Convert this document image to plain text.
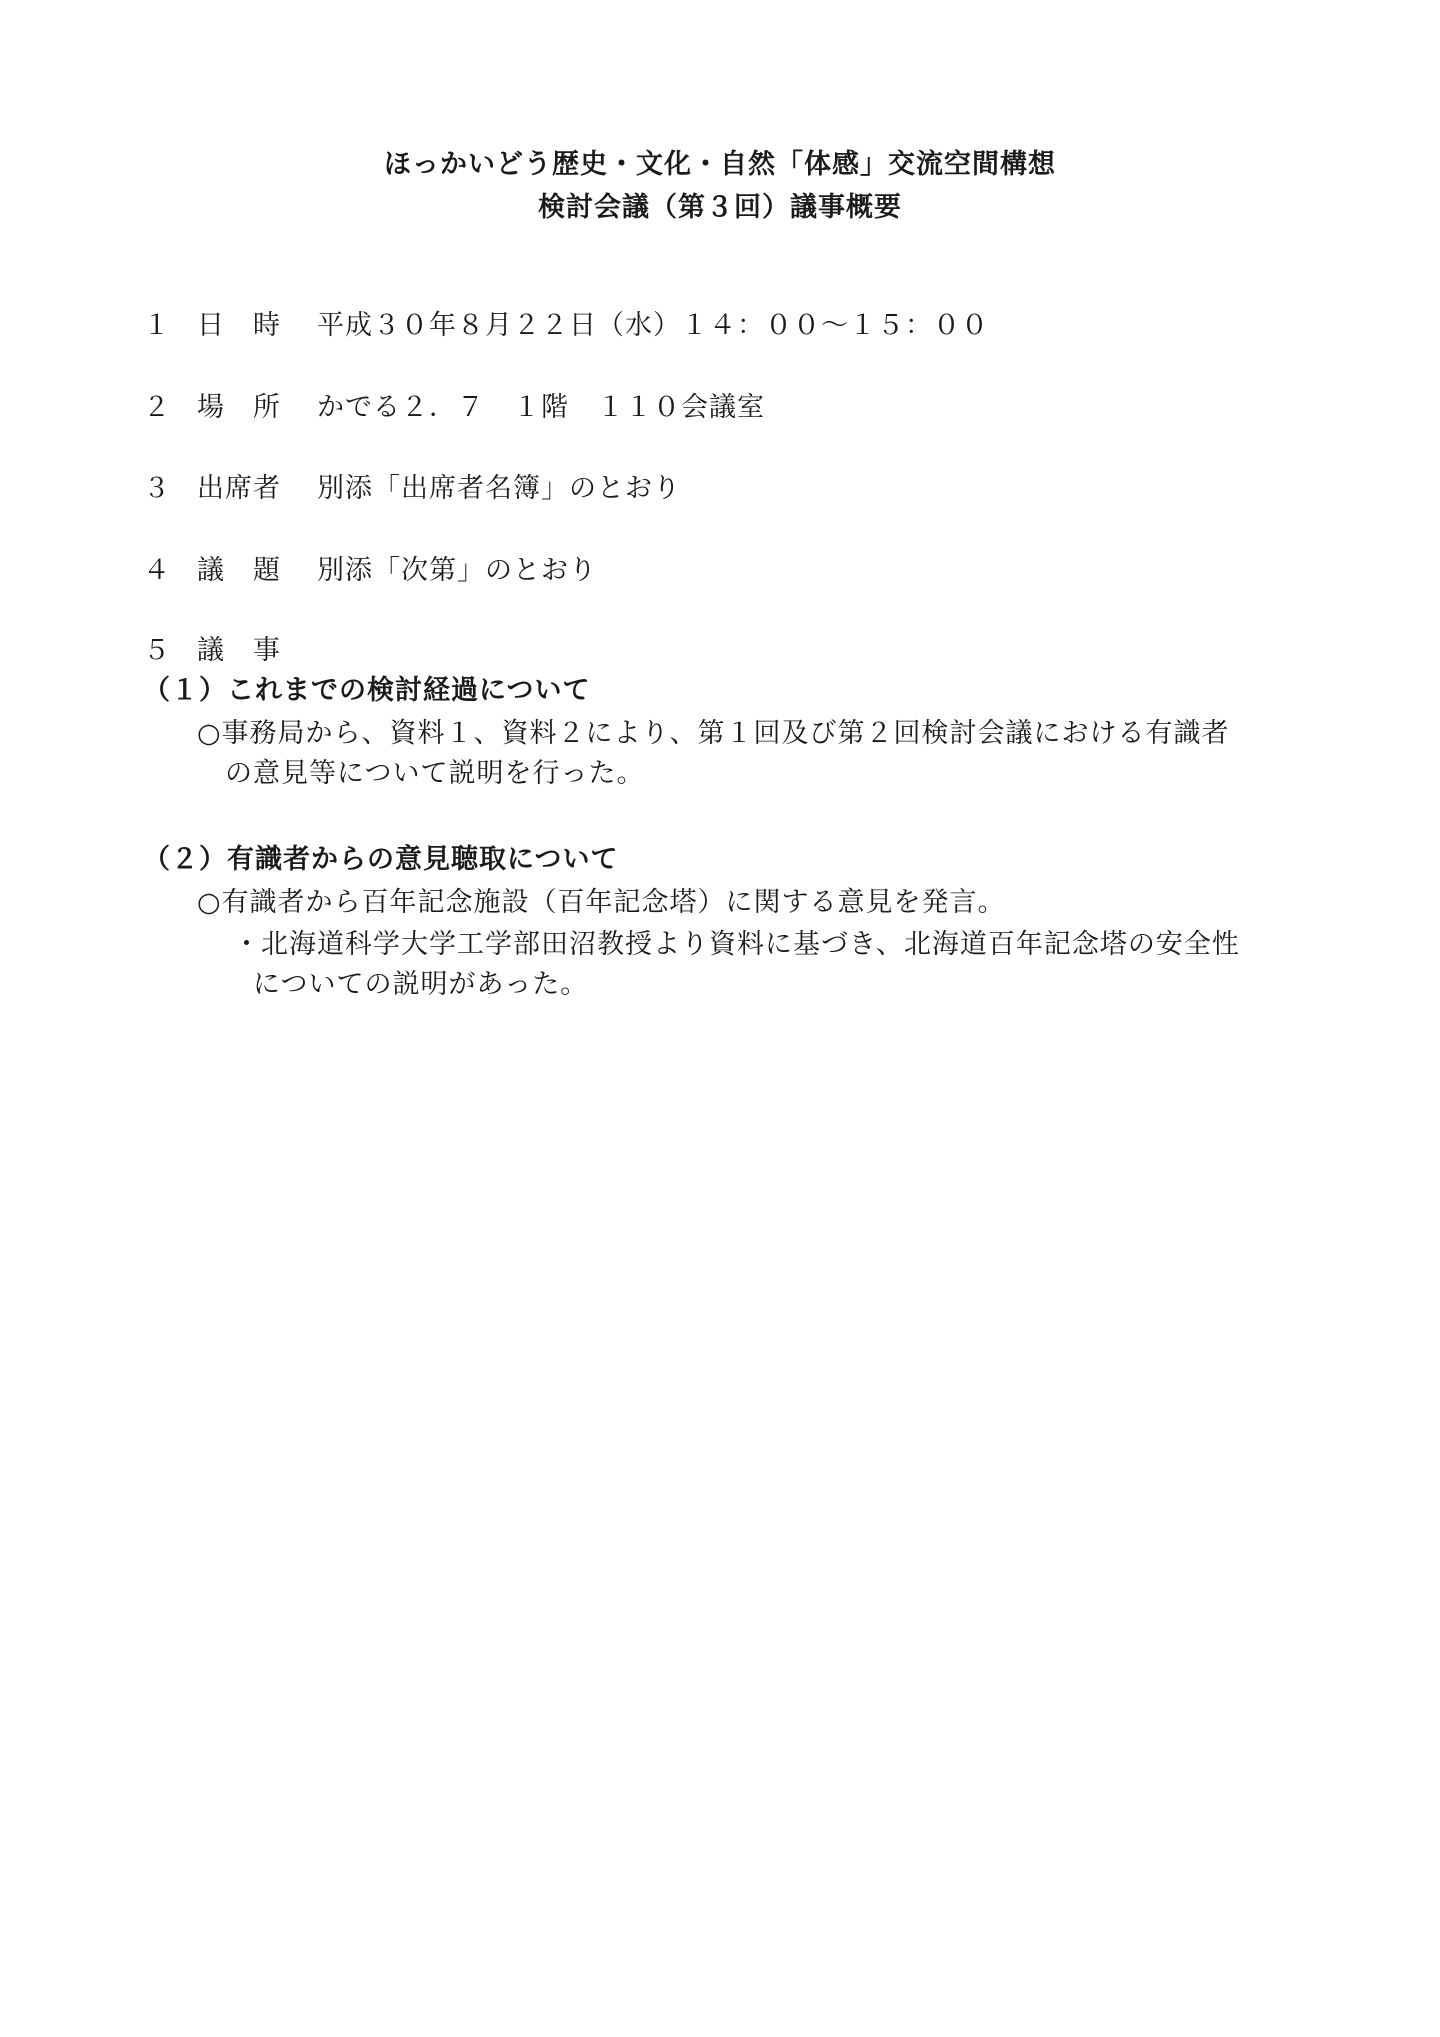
ほっかいどう歴史・文化・自然「体感」交流空間構想
検討会議（第３回）議事概要
１ 日　時 平成３０年８月２２日（水）１４：００～１５：００
２ 場　所 かでる２．７　１階　１１０会議室
３ 出席者 別添「出席者名簿」のとおり
４ 議　題 別添「次第」のとおり
５ 議　事
（１）これまでの検討経過について
○事務局から、資料１、資料２により、第１回及び第２回検討会議における有識者
の意見等について説明を行った。
（２）有識者からの意見聴取について
○有識者から百年記念施設（百年記念塔）に関する意見を発言。
・北海道科学大学工学部田沼教授より資料に基づき、北海道百年記念塔の安全性
についての説明があった。
